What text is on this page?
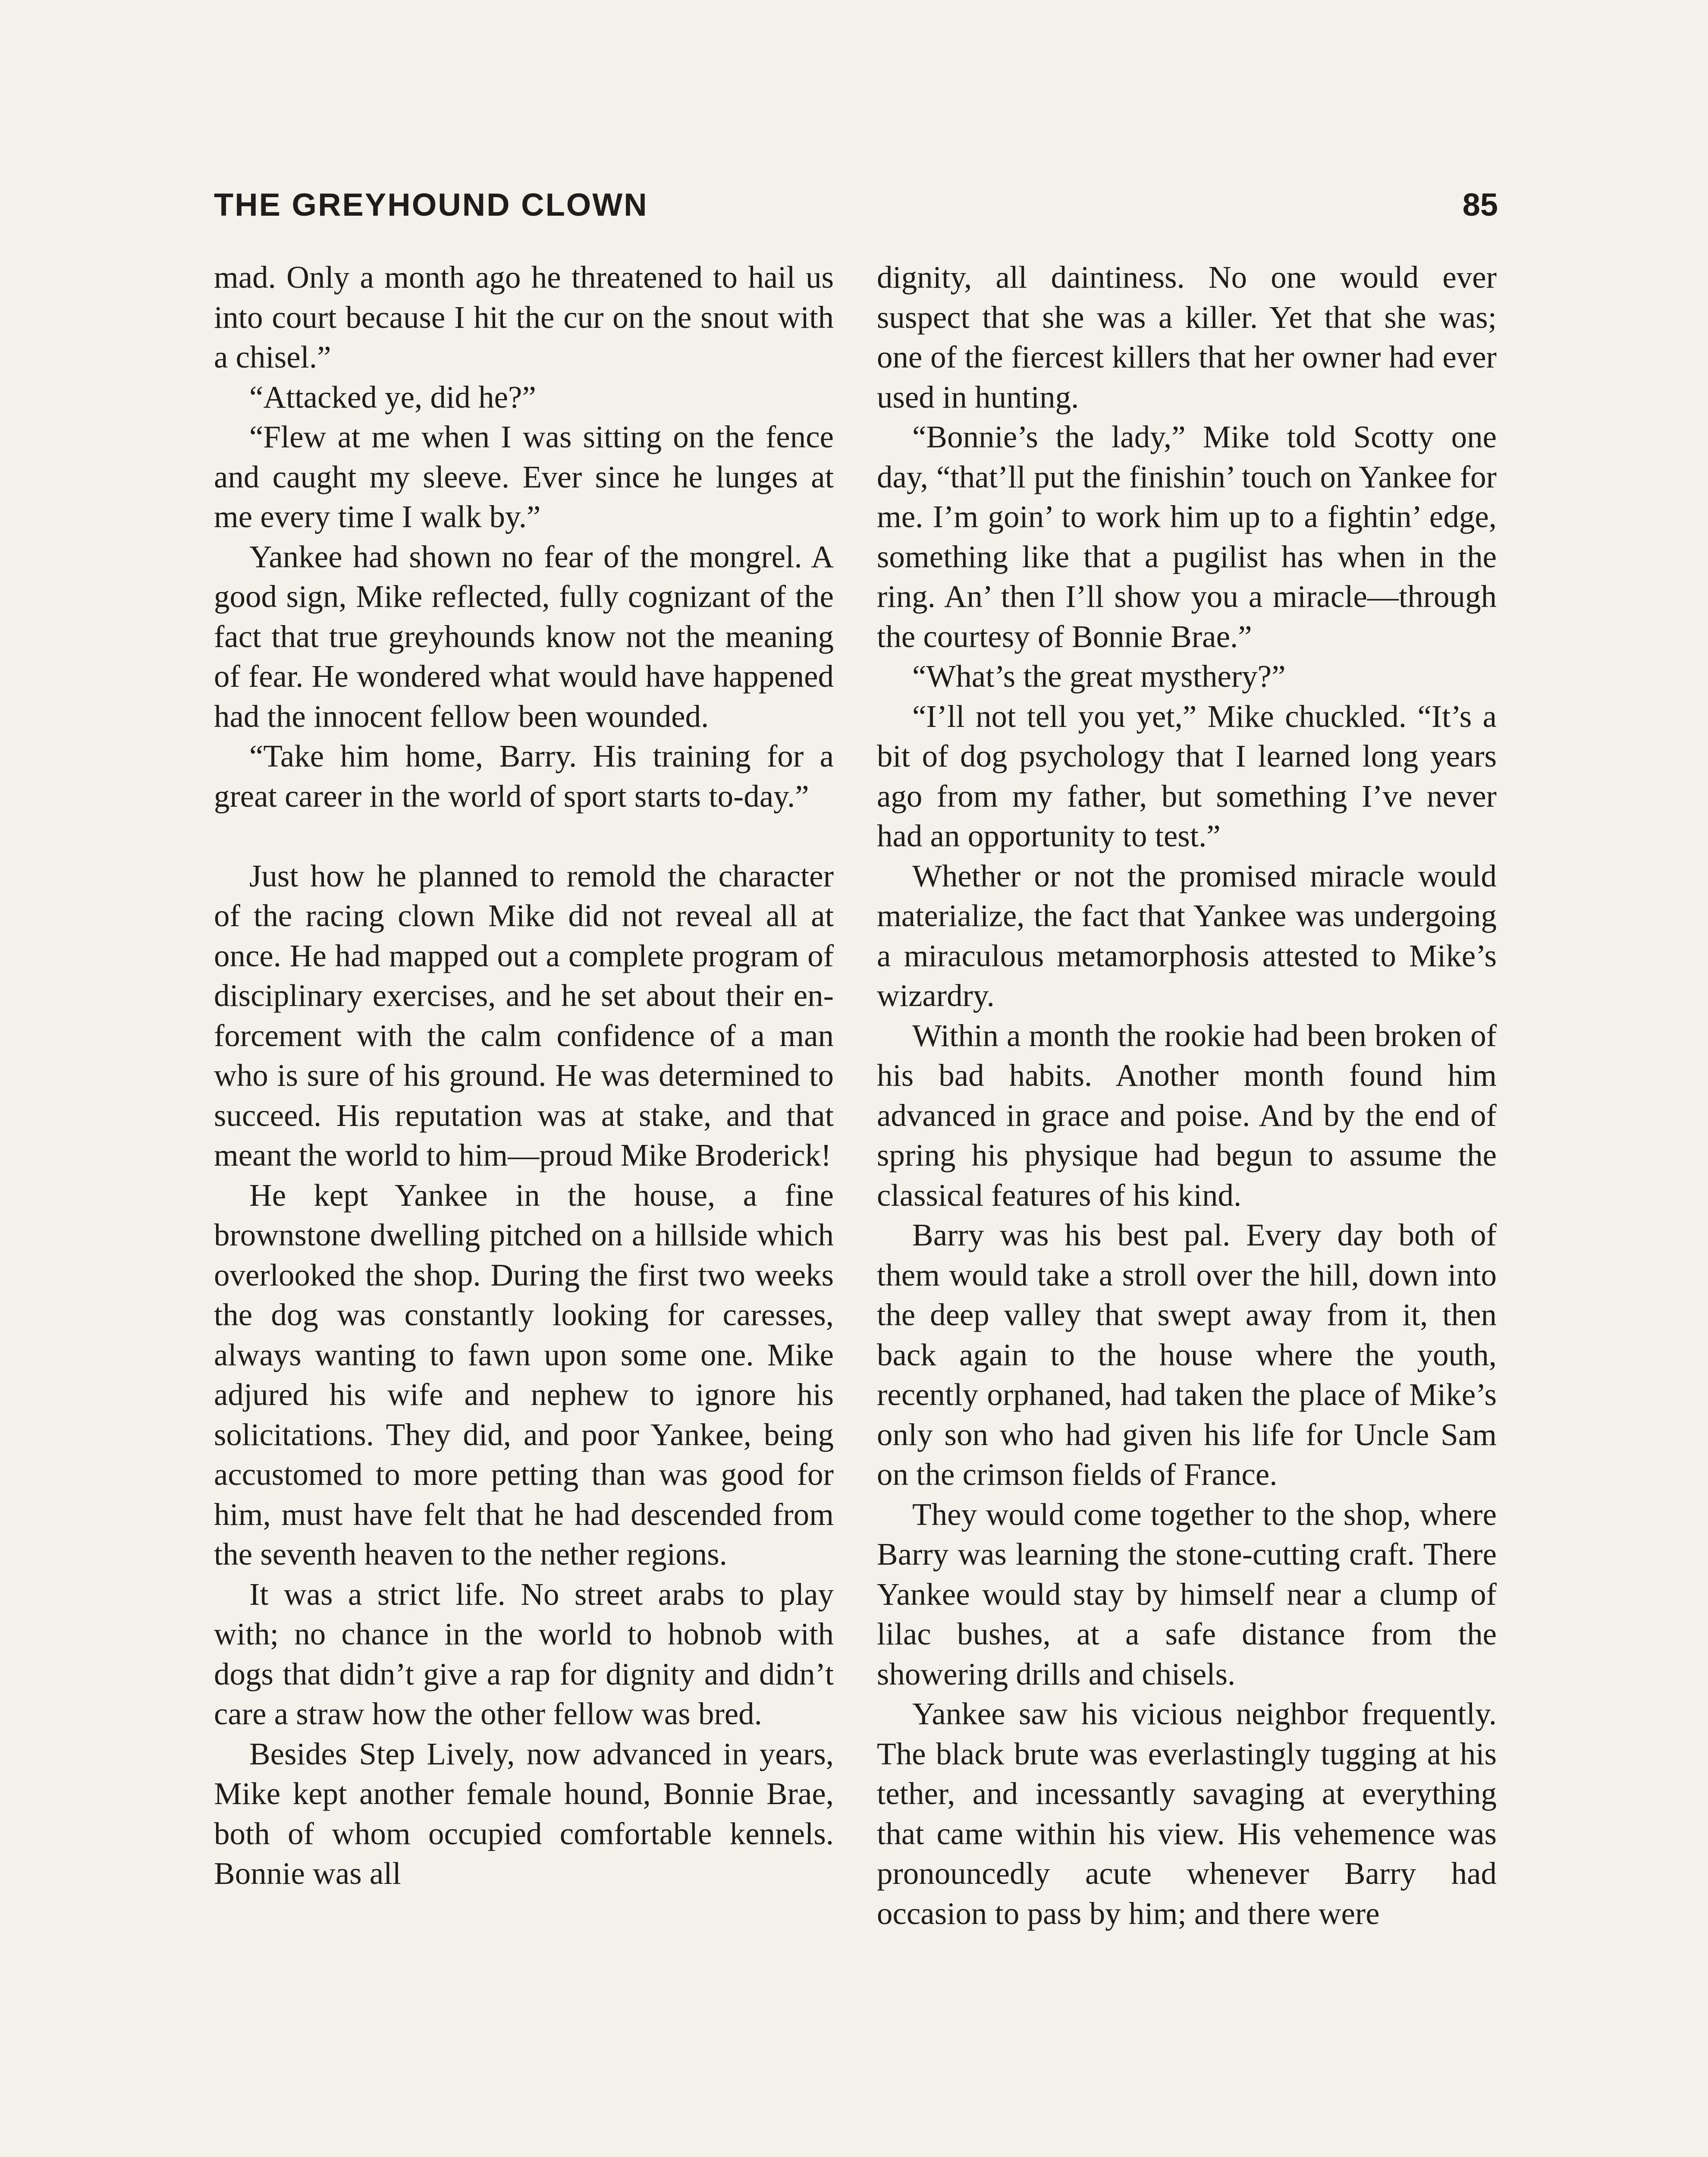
THE GREYHOUND CLOWN	85

mad. Only a month ago he threatened to hail us into court because I hit the cur on the snout with a chisel.”

“Attacked ye, did he?”

“Flew at me when I was sitting on the fence and caught my sleeve. Ever since he lunges at me every time I walk by.”

Yankee had shown no fear of the mongrel. A good sign, Mike reflected, fully cognizant of the fact that true greyhounds know not the meaning of fear. He wondered what would have happened had the innocent fellow been wounded.

“Take him home, Barry. His training for a great career in the world of sport starts to-day.”

Just how he planned to remold the character of the racing clown Mike did not reveal all at once. He had mapped out a complete program of disciplinary exercises, and he set about their enforcement with the calm confidence of a man who is sure of his ground. He was determined to succeed. His reputation was at stake, and that meant the world to him—proud Mike Broderick!

He kept Yankee in the house, a fine brownstone dwelling pitched on a hillside which overlooked the shop. During the first two weeks the dog was constantly looking for caresses, always wanting to fawn upon some one. Mike adjured his wife and nephew to ignore his solicitations. They did, and poor Yankee, being accustomed to more petting than was good for him, must have felt that he had descended from the seventh heaven to the nether regions.

It was a strict life. No street arabs to play with; no chance in the world to hobnob with dogs that didn’t give a rap for dignity and didn’t care a straw how the other fellow was bred.

Besides Step Lively, now advanced in years, Mike kept another female hound, Bonnie Brae, both of whom occupied comfortable kennels. Bonnie was all

dignity, all daintiness. No one would ever suspect that she was a killer. Yet that she was; one of the fiercest killers that her owner had ever used in hunting.

“Bonnie’s the lady,” Mike told Scotty one day, “that’ll put the finishin’ touch on Yankee for me. I’m goin’ to work him up to a fightin’ edge, something like that a pugilist has when in the ring. An’ then I’ll show you a miracle—through the courtesy of Bonnie Brae.”

“What’s the great mysthery?”

“I’ll not tell you yet,” Mike chuckled. “It’s a bit of dog psychology that I learned long years ago from my father, but something I’ve never had an opportunity to test.”

Whether or not the promised miracle would materialize, the fact that Yankee was undergoing a miraculous metamorphosis attested to Mike’s wizardry.

Within a month the rookie had been broken of his bad habits. Another month found him advanced in grace and poise. And by the end of spring his physique had begun to assume the classical features of his kind.

Barry was his best pal. Every day both of them would take a stroll over the hill, down into the deep valley that swept away from it, then back again to the house where the youth, recently orphaned, had taken the place of Mike’s only son who had given his life for Uncle Sam on the crimson fields of France.

They would come together to the shop, where Barry was learning the stone-cutting craft. There Yankee would stay by himself near a clump of lilac bushes, at a safe distance from the showering drills and chisels.

Yankee saw his vicious neighbor frequently. The black brute was everlastingly tugging at his tether, and incessantly savaging at everything that came within his view. His vehemence was pronouncedly acute whenever Barry had occasion to pass by him; and there were
